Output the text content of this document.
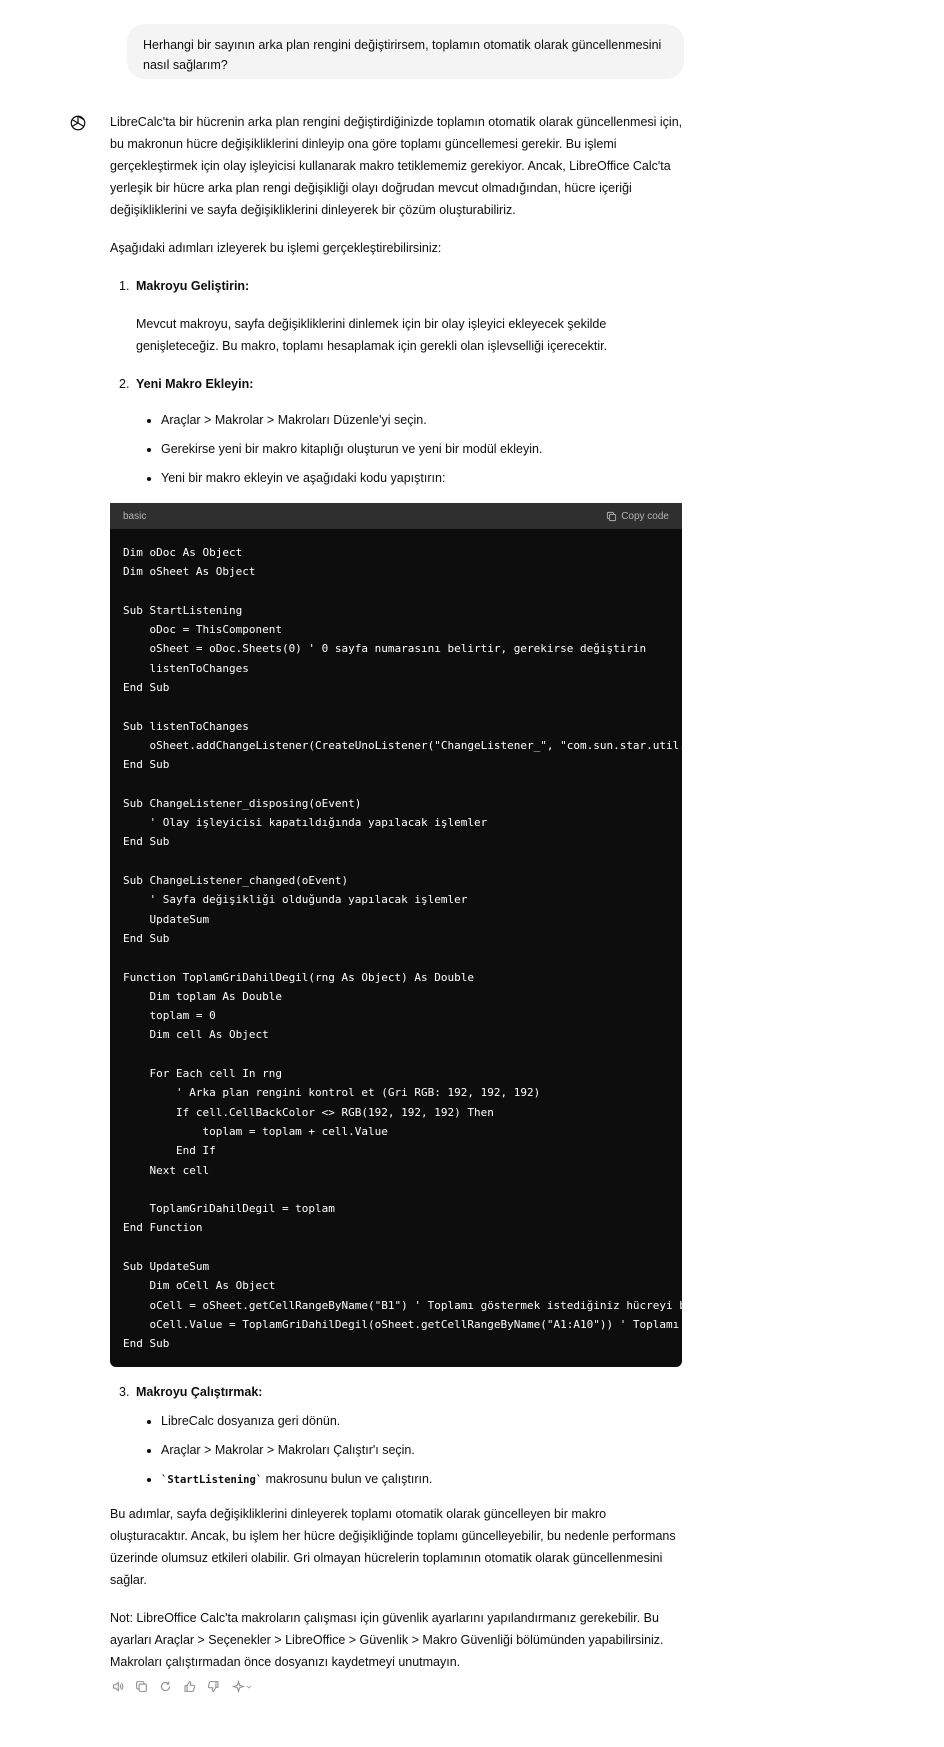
Herhangi bir sayının arka plan rengini değiştirirsem, toplamın otomatik olarak güncellenmesini nasıl sağlarım?

LibreCalc'ta bir hücrenin arka plan rengini değiştirdiğinizde toplamın otomatik olarak güncellenmesi için, bu makronun hücre değişikliklerini dinleyip ona göre toplamı güncellemesi gerekir. Bu işlemi gerçekleştirmek için olay işleyicisi kullanarak makro tetiklememiz gerekiyor. Ancak, LibreOffice Calc'ta yerleşik bir hücre arka plan rengi değişikliği olayı doğrudan mevcut olmadığından, hücre içeriği değişikliklerini ve sayfa değişikliklerini dinleyerek bir çözüm oluşturabiliriz.

Aşağıdaki adımları izleyerek bu işlemi gerçekleştirebilirsiniz:

1. Makroyu Geliştirin:
Mevcut makroyu, sayfa değişikliklerini dinlemek için bir olay işleyici ekleyecek şekilde genişleteceğiz. Bu makro, toplamı hesaplamak için gerekli olan işlevselliği içerecektir.
2. Yeni Makro Ekleyin:
Araçlar > Makrolar > Makroları Düzenle'yi seçin.
Gerekirse yeni bir makro kitaplığı oluşturun ve yeni bir modül ekleyin.
Yeni bir makro ekleyin ve aşağıdaki kodu yapıştırın:
basic	Copy code
Dim oDoc As Object
Dim oSheet As Object

Sub StartListening
oDoc = ThisComponent
oSheet = oDoc.Sheets(0) ' 0 sayfa numarasını belirtir, gerekirse değiştirin
listenToChanges
End Sub

Sub listenToChanges
oSheet.addChangeListener(CreateUnoListener("ChangeListener_", "com.sun.star.util.XChangesListener"))
End Sub

Sub ChangeListener_disposing(oEvent)
' Olay işleyicisi kapatıldığında yapılacak işlemler
End Sub

Sub ChangeListener_changed(oEvent)
' Sayfa değişikliği olduğunda yapılacak işlemler
UpdateSum
End Sub

Function ToplamGriDahilDegil(rng As Object) As Double
Dim toplam As Double
toplam = 0
Dim cell As Object

For Each cell In rng
' Arka plan rengini kontrol et (Gri RGB: 192, 192, 192)
If cell.CellBackColor <> RGB(192, 192, 192) Then
toplam = toplam + cell.Value
End If
Next cell

ToplamGriDahilDegil = toplam
End Function

Sub UpdateSum
Dim oCell As Object
oCell = oSheet.getCellRangeByName("B1") ' Toplamı göstermek istediğiniz hücreyi belirtin
oCell.Value = ToplamGriDahilDegil(oSheet.getCellRangeByName("A1:A10")) ' Toplamı hesaplamak istediğiniz aralığı belirtin
End Sub
3. Makroyu Çalıştırmak:
LibreCalc dosyanıza geri dönün.
Araçlar > Makrolar > Makroları Çalıştır'ı seçin.
`StartListening` makrosunu bulun ve çalıştırın.

Bu adımlar, sayfa değişikliklerini dinleyerek toplamı otomatik olarak güncelleyen bir makro oluşturacaktır. Ancak, bu işlem her hücre değişikliğinde toplamı güncelleyebilir, bu nedenle performans üzerinde olumsuz etkileri olabilir. Gri olmayan hücrelerin toplamının otomatik olarak güncellenmesini sağlar.

Not: LibreOffice Calc'ta makroların çalışması için güvenlik ayarlarını yapılandırmanız gerekebilir. Bu ayarları Araçlar > Seçenekler > LibreOffice > Güvenlik > Makro Güvenliği bölümünden yapabilirsiniz. Makroları çalıştırmadan önce dosyanızı kaydetmeyi unutmayın.
